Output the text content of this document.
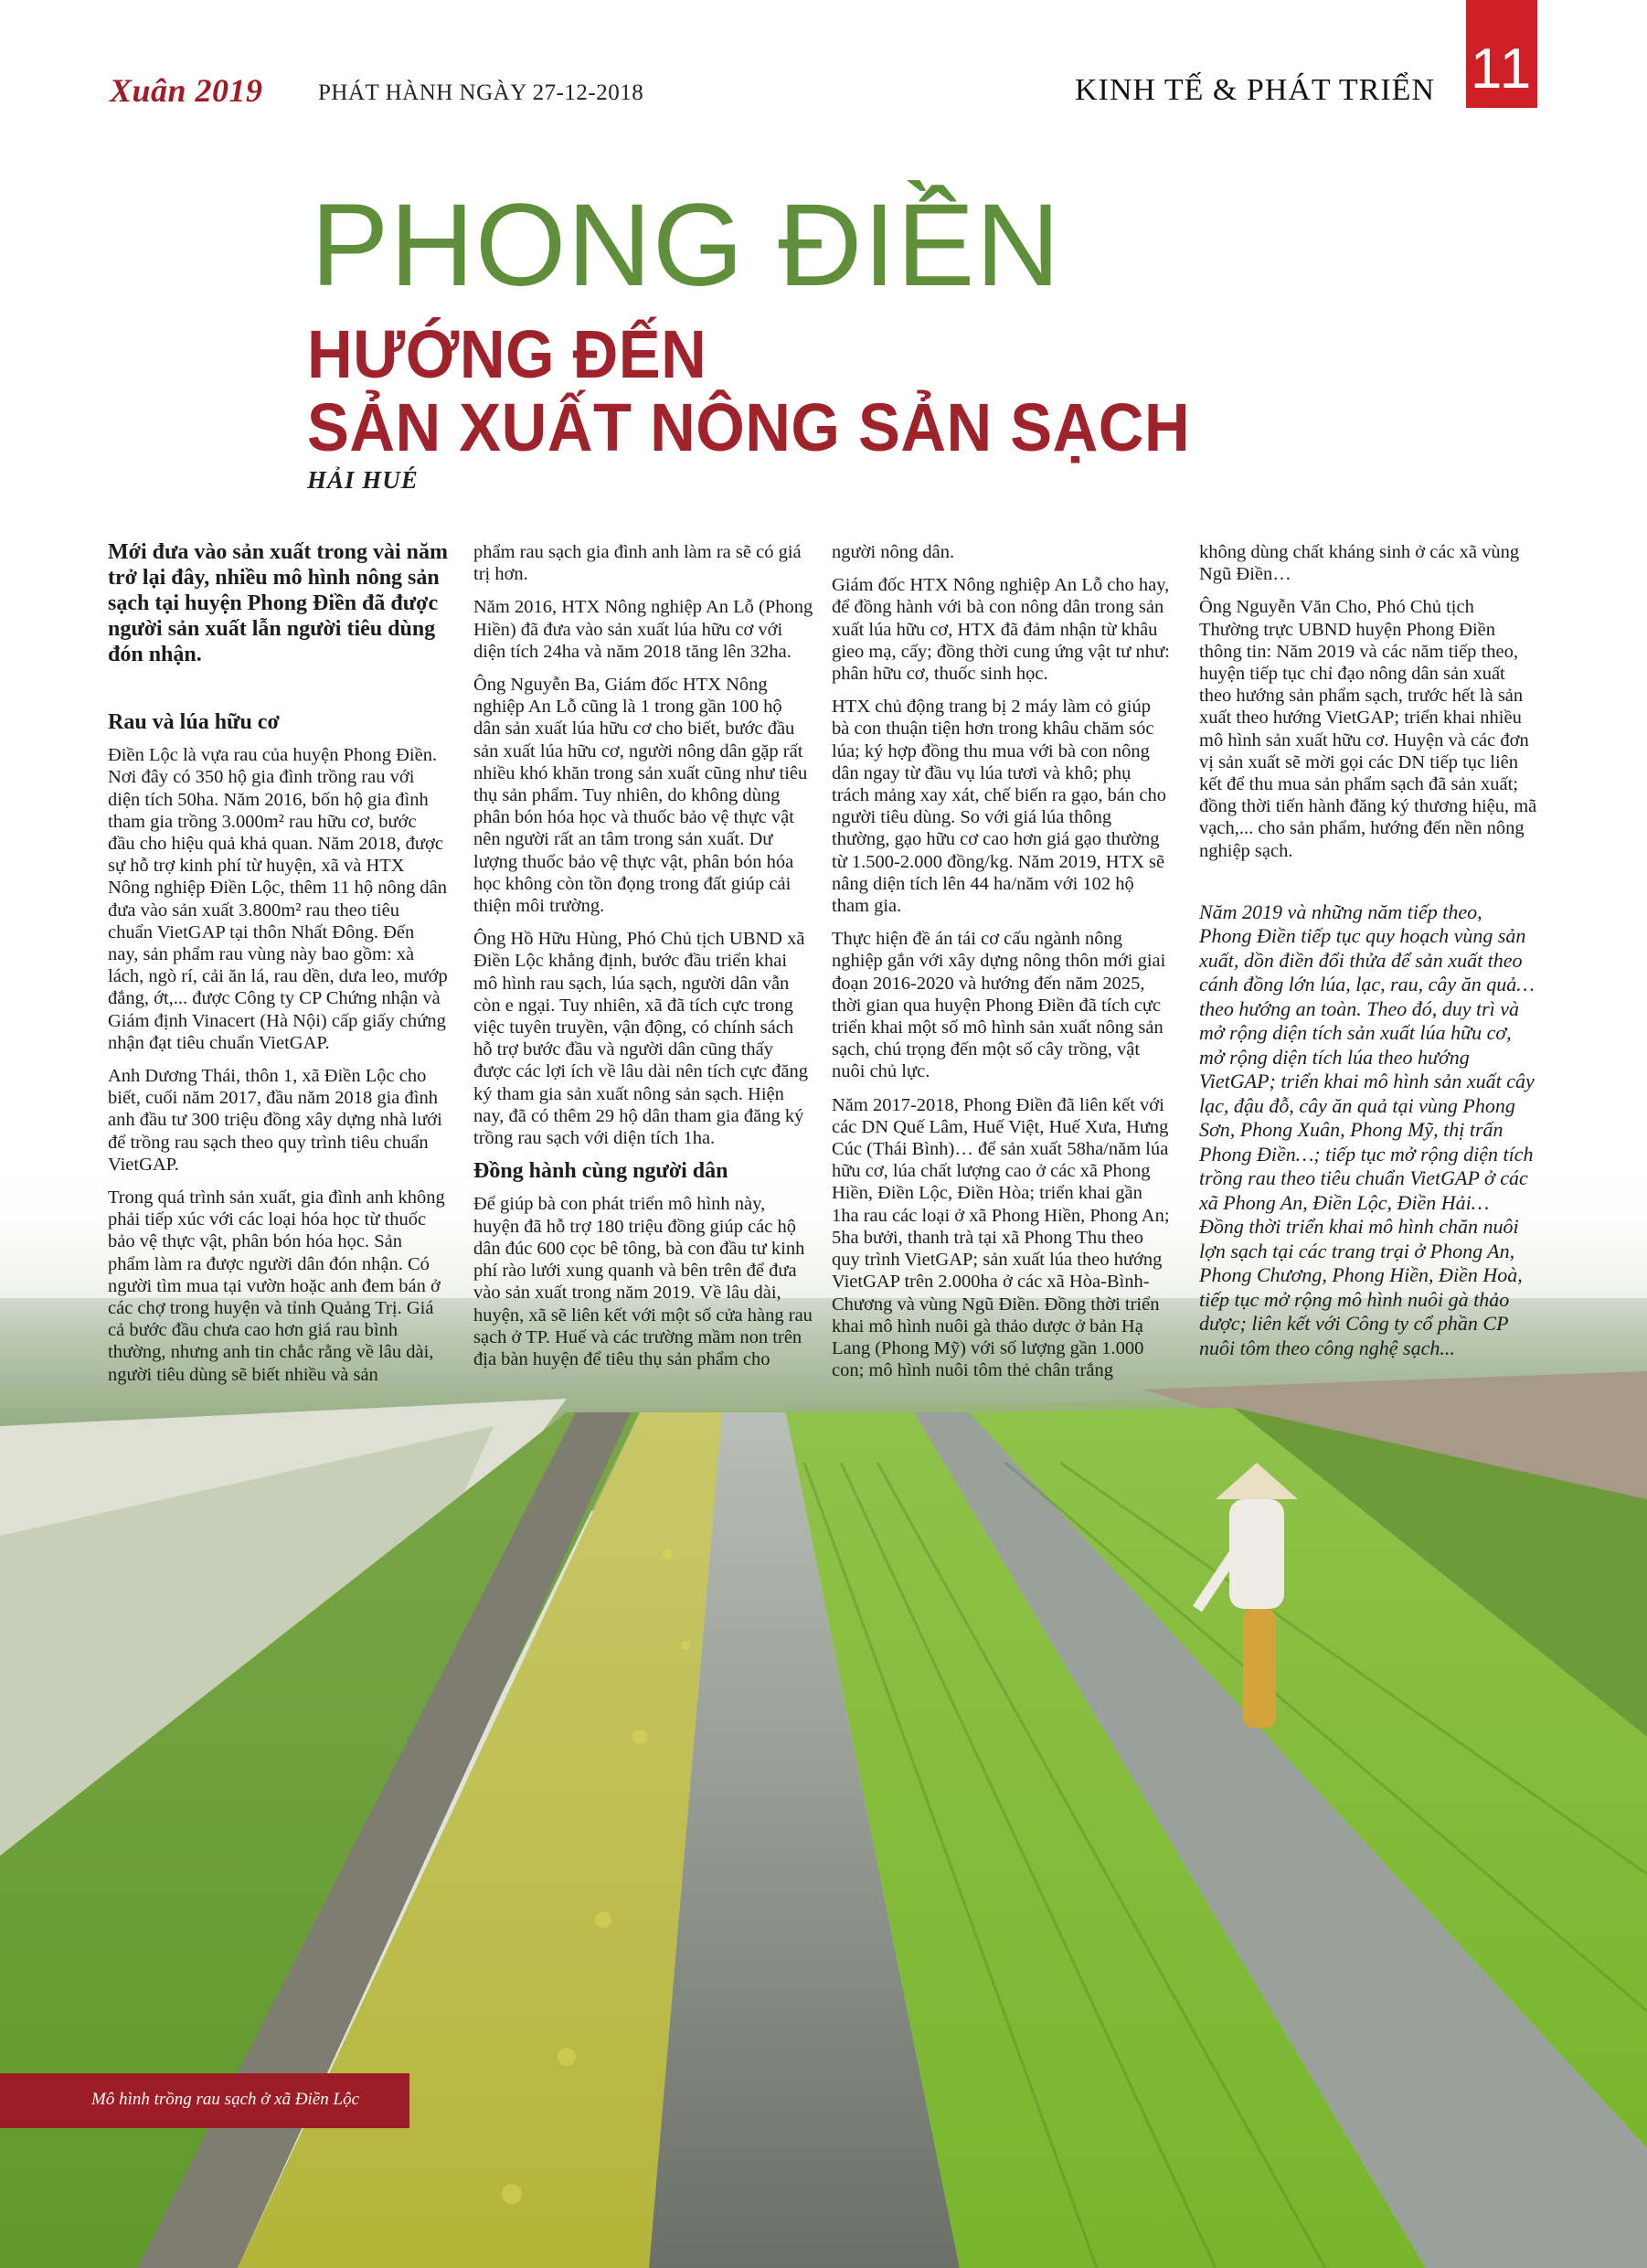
Xuân 2019 PHÁT HÀNH NGÀY 27-12-2018	KINH TẾ & PHÁT TRIỂN 11
PHONG ĐIỀN
HƯỚNG ĐẾN
SẢN XUẤT NÔNG SẢN SẠCH
HẢI HUÉ

Mới đưa vào sản xuất trong vài năm trở lại đây, nhiều mô hình nông sản sạch tại huyện Phong Điền đã được người sản xuất lẫn người tiêu dùng đón nhận.

Rau và lúa hữu cơ

Điền Lộc là vựa rau của huyện Phong Điền. Nơi đây có 350 hộ gia đình trồng rau với diện tích 50ha. Năm 2016, bốn hộ gia đình tham gia trồng 3.000m² rau hữu cơ, bước đầu cho hiệu quả khả quan. Năm 2018, được sự hỗ trợ kinh phí từ huyện, xã và HTX Nông nghiệp Điền Lộc, thêm 11 hộ nông dân đưa vào sản xuất 3.800m² rau theo tiêu chuẩn VietGAP tại thôn Nhất Đông. Đến nay, sản phẩm rau vùng này bao gồm: xà lách, ngò rí, cải ăn lá, rau dền, dưa leo, mướp đắng, ớt,... được Công ty CP Chứng nhận và Giám định Vinacert (Hà Nội) cấp giấy chứng nhận đạt tiêu chuẩn VietGAP.

Anh Dương Thái, thôn 1, xã Điền Lộc cho biết, cuối năm 2017, đầu năm 2018 gia đình anh đầu tư 300 triệu đồng xây dựng nhà lưới để trồng rau sạch theo quy trình tiêu chuẩn VietGAP.

Trong quá trình sản xuất, gia đình anh không phải tiếp xúc với các loại hóa học từ thuốc bảo vệ thực vật, phân bón hóa học. Sản phẩm làm ra được người dân đón nhận. Có người tìm mua tại vườn hoặc anh đem bán ở các chợ trong huyện và tỉnh Quảng Trị. Giá cả bước đầu chưa cao hơn giá rau bình thường, nhưng anh tin chắc rằng về lâu dài, người tiêu dùng sẽ biết nhiều và sản

phẩm rau sạch gia đình anh làm ra sẽ có giá trị hơn.

Năm 2016, HTX Nông nghiệp An Lỗ (Phong Hiền) đã đưa vào sản xuất lúa hữu cơ với diện tích 24ha và năm 2018 tăng lên 32ha.

Ông Nguyễn Ba, Giám đốc HTX Nông nghiệp An Lỗ cũng là 1 trong gần 100 hộ dân sản xuất lúa hữu cơ cho biết, bước đầu sản xuất lúa hữu cơ, người nông dân gặp rất nhiều khó khăn trong sản xuất cũng như tiêu thụ sản phẩm. Tuy nhiên, do không dùng phân bón hóa học và thuốc bảo vệ thực vật nên người rất an tâm trong sản xuất. Dư lượng thuốc bảo vệ thực vật, phân bón hóa học không còn tồn đọng trong đất giúp cải thiện môi trường.

Ông Hồ Hữu Hùng, Phó Chủ tịch UBND xã Điền Lộc khẳng định, bước đầu triển khai mô hình rau sạch, lúa sạch, người dân vẫn còn e ngại. Tuy nhiên, xã đã tích cực trong việc tuyên truyền, vận động, có chính sách hỗ trợ bước đầu và người dân cũng thấy được các lợi ích về lâu dài nên tích cực đăng ký tham gia sản xuất nông sản sạch. Hiện nay, đã có thêm 29 hộ dân tham gia đăng ký trồng rau sạch với diện tích 1ha.

Đồng hành cùng người dân

Để giúp bà con phát triển mô hình này, huyện đã hỗ trợ 180 triệu đồng giúp các hộ dân đúc 600 cọc bê tông, bà con đầu tư kinh phí rào lưới xung quanh và bên trên để đưa vào sản xuất trong năm 2019. Về lâu dài, huyện, xã sẽ liên kết với một số cửa hàng rau sạch ở TP. Huế và các trường mầm non trên địa bàn huyện để tiêu thụ sản phẩm cho

người nông dân.

Giám đốc HTX Nông nghiệp An Lỗ cho hay, để đồng hành với bà con nông dân trong sản xuất lúa hữu cơ, HTX đã đảm nhận từ khâu gieo mạ, cấy; đồng thời cung ứng vật tư như: phân hữu cơ, thuốc sinh học.

HTX chủ động trang bị 2 máy làm cỏ giúp bà con thuận tiện hơn trong khâu chăm sóc lúa; ký hợp đồng thu mua với bà con nông dân ngay từ đầu vụ lúa tươi và khô; phụ trách mảng xay xát, chế biến ra gạo, bán cho người tiêu dùng. So với giá lúa thông thường, gạo hữu cơ cao hơn giá gạo thường từ 1.500-2.000 đồng/kg. Năm 2019, HTX sẽ nâng diện tích lên 44 ha/năm với 102 hộ tham gia.

Thực hiện đề án tái cơ cấu ngành nông nghiệp gắn với xây dựng nông thôn mới giai đoạn 2016-2020 và hướng đến năm 2025, thời gian qua huyện Phong Điền đã tích cực triển khai một số mô hình sản xuất nông sản sạch, chú trọng đến một số cây trồng, vật nuôi chủ lực.

Năm 2017-2018, Phong Điền đã liên kết với các DN Quế Lâm, Huế Việt, Huế Xưa, Hưng Cúc (Thái Bình)… để sản xuất 58ha/năm lúa hữu cơ, lúa chất lượng cao ở các xã Phong Hiền, Điền Lộc, Điền Hòa; triển khai gần 1ha rau các loại ở xã Phong Hiền, Phong An; 5ha bưởi, thanh trà tại xã Phong Thu theo quy trình VietGAP; sản xuất lúa theo hướng VietGAP trên 2.000ha ở các xã Hòa-Bình-Chương và vùng Ngũ Điền. Đồng thời triển khai mô hình nuôi gà thảo dược ở bản Hạ Lang (Phong Mỹ) với số lượng gần 1.000 con; mô hình nuôi tôm thẻ chân trắng

không dùng chất kháng sinh ở các xã vùng Ngũ Điền…

Ông Nguyễn Văn Cho, Phó Chủ tịch Thường trực UBND huyện Phong Điền thông tin: Năm 2019 và các năm tiếp theo, huyện tiếp tục chỉ đạo nông dân sản xuất theo hướng sản phẩm sạch, trước hết là sản xuất theo hướng VietGAP; triển khai nhiều mô hình sản xuất hữu cơ. Huyện và các đơn vị sản xuất sẽ mời gọi các DN tiếp tục liên kết để thu mua sản phẩm sạch đã sản xuất; đồng thời tiến hành đăng ký thương hiệu, mã vạch,... cho sản phẩm, hướng đến nền nông nghiệp sạch.

Năm 2019 và những năm tiếp theo, Phong Điền tiếp tục quy hoạch vùng sản xuất, dồn điền đổi thửa để sản xuất theo cánh đồng lớn lúa, lạc, rau, cây ăn quả… theo hướng an toàn. Theo đó, duy trì và mở rộng diện tích sản xuất lúa hữu cơ, mở rộng diện tích lúa theo hướng VietGAP; triển khai mô hình sản xuất cây lạc, đậu đỗ, cây ăn quả tại vùng Phong Sơn, Phong Xuân, Phong Mỹ, thị trấn Phong Điền…; tiếp tục mở rộng diện tích trồng rau theo tiêu chuẩn VietGAP ở các xã Phong An, Điền Lộc, Điền Hải… Đồng thời triển khai mô hình chăn nuôi lợn sạch tại các trang trại ở Phong An, Phong Chương, Phong Hiền, Điền Hoà, tiếp tục mở rộng mô hình nuôi gà thảo dược; liên kết với Công ty cổ phần CP nuôi tôm theo công nghệ sạch...

Mô hình trồng rau sạch ở xã Điền Lộc
